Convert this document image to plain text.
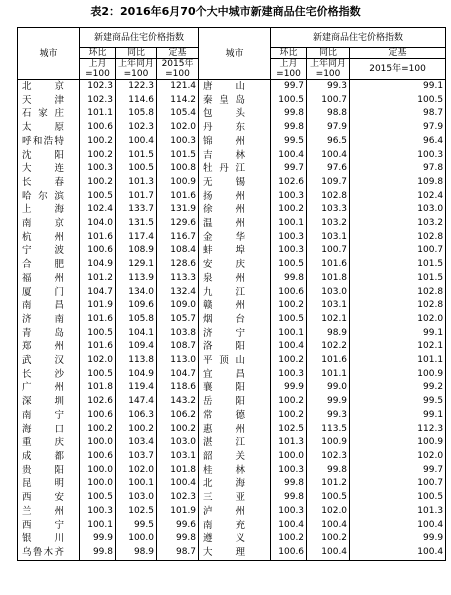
表2：2016年6月70个大中城市新建商品住宅价格指数
城市	新建商品住宅价格指数			城市	新建商品住宅价格指数		
	环比	同比	定基		环比	同比	定基
	上月=100	上年同月=100	2015年=100		上月=100	上年同月=100	2015年=100

北京	102.3	122.3	121.4	唐山	99.7	99.3	99.1

天津	102.3	114.6	114.2	秦皇岛	100.5	100.7	100.5

石家庄	101.1	105.8	105.4	包头	99.8	98.8	98.7

太原	100.6	102.3	102.0	丹东	99.8	97.9	97.9

呼和浩特	100.2	100.4	100.3	锦州	99.5	96.5	96.4

沈阳	100.2	101.5	101.5	吉林	100.4	100.4	100.3

大连	100.3	100.5	100.8	牡丹江	99.7	97.6	97.8

长春	100.2	101.3	100.9	无锡	102.6	109.7	109.8

哈尔滨	100.5	101.7	101.6	扬州	100.3	102.8	102.4

上海	102.4	133.7	131.9	徐州	100.2	103.3	103.0

南京	104.0	131.5	129.6	温州	100.1	103.2	103.2

杭州	101.6	117.4	116.7	金华	100.3	103.1	102.8

宁波	100.6	108.9	108.4	蚌埠	100.3	100.7	100.7

合肥	104.9	129.1	128.6	安庆	100.5	101.6	101.5

福州	101.2	113.9	113.3	泉州	99.8	101.8	101.5

厦门	104.7	134.0	132.4	九江	100.6	103.0	102.8

南昌	101.9	109.6	109.0	赣州	100.2	103.1	102.8

济南	101.6	105.8	105.7	烟台	100.5	102.1	102.0

青岛	100.5	104.1	103.8	济宁	100.1	98.9	99.1

郑州	101.6	109.4	108.7	洛阳	100.4	102.2	102.1

武汉	102.0	113.8	113.0	平顶山	100.2	101.6	101.1

长沙	100.5	104.9	104.7	宜昌	100.3	101.1	100.9

广州	101.8	119.4	118.6	襄阳	99.9	99.0	99.2

深圳	102.6	147.4	143.2	岳阳	100.2	99.9	99.5

南宁	100.6	106.3	106.2	常德	100.2	99.3	99.1

海口	100.2	100.2	100.2	惠州	102.5	113.5	112.3

重庆	100.0	103.4	103.0	湛江	101.3	100.9	100.9

成都	100.6	103.7	103.1	韶关	100.0	102.3	102.0

贵阳	100.0	102.0	101.8	桂林	100.3	99.8	99.7

昆明	100.0	100.1	100.4	北海	99.8	101.2	100.7

西安	100.5	103.0	102.3	三亚	99.8	100.5	100.5

兰州	100.3	102.5	101.9	泸州	100.3	102.0	101.3

西宁	100.1	99.5	99.6	南充	100.4	100.4	100.4

银川	99.9	100.0	99.8	遵义	100.2	100.2	99.9

乌鲁木齐	99.8	98.9	98.7	大理	100.6	100.4	100.4
